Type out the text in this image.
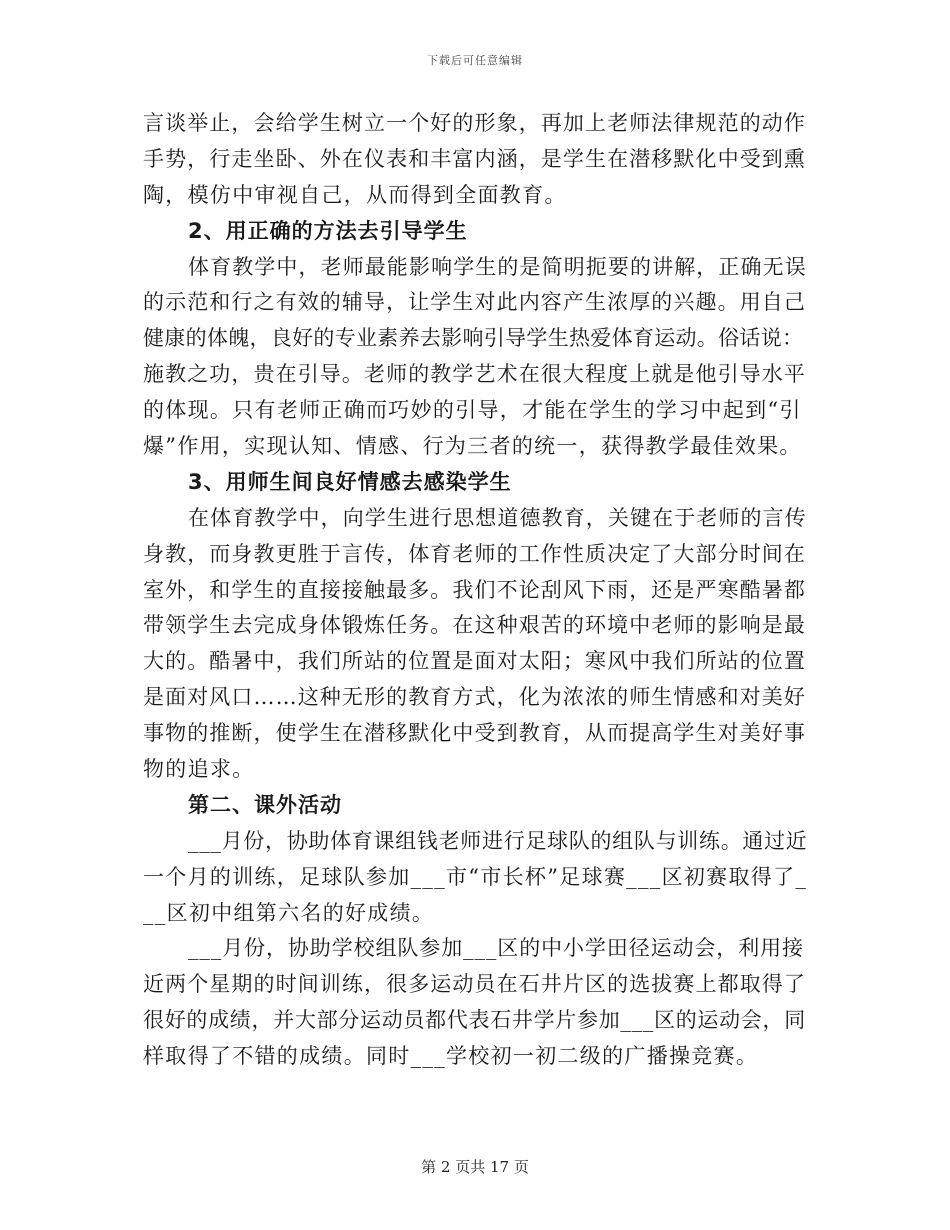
下载后可任意编辑
言谈举止，会给学生树立一个好的形象，再加上老师法律规范的动作
手势，行走坐卧、外在仪表和丰富内涵，是学生在潜移默化中受到熏
陶，模仿中审视自己，从而得到全面教育。
2、用正确的方法去引导学生
体育教学中，老师最能影响学生的是简明扼要的讲解，正确无误
的示范和行之有效的辅导，让学生对此内容产生浓厚的兴趣。用自己
健康的体魄，良好的专业素养去影响引导学生热爱体育运动。俗话说：
施教之功，贵在引导。老师的教学艺术在很大程度上就是他引导水平
的体现。只有老师正确而巧妙的引导，才能在学生的学习中起到“引
爆”作用，实现认知、情感、行为三者的统一，获得教学最佳效果。
3、用师生间良好情感去感染学生
在体育教学中，向学生进行思想道德教育，关键在于老师的言传
身教，而身教更胜于言传，体育老师的工作性质决定了大部分时间在
室外，和学生的直接接触最多。我们不论刮风下雨，还是严寒酷暑都
带领学生去完成身体锻炼任务。在这种艰苦的环境中老师的影响是最
大的。酷暑中，我们所站的位置是面对太阳；寒风中我们所站的位置
是面对风口……这种无形的教育方式，化为浓浓的师生情感和对美好
事物的推断，使学生在潜移默化中受到教育，从而提高学生对美好事
物的追求。
第二、课外活动
___月份，协助体育课组钱老师进行足球队的组队与训练。通过近
一个月的训练，足球队参加___市“市长杯”足球赛___区初赛取得了_
__区初中组第六名的好成绩。
___月份，协助学校组队参加___区的中小学田径运动会，利用接
近两个星期的时间训练，很多运动员在石井片区的选拔赛上都取得了
很好的成绩，并大部分运动员都代表石井学片参加___区的运动会，同
样取得了不错的成绩。同时___学校初一初二级的广播操竞赛。
第 2 页共 17 页
